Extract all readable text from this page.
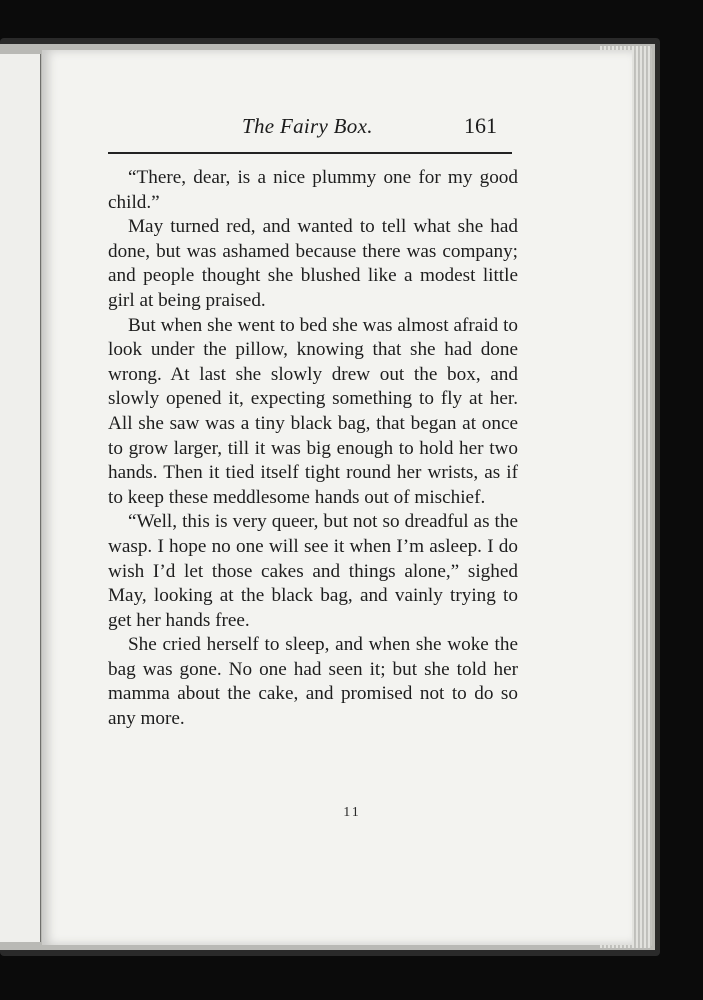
The Fairy Box.	161

“There, dear, is a nice plummy one for my good child.”

May turned red, and wanted to tell what she had done, but was ashamed because there was company; and people thought she blushed like a modest little girl at being praised.

But when she went to bed she was almost afraid to look under the pillow, knowing that she had done wrong. At last she slowly drew out the box, and slowly opened it, expecting something to fly at her. All she saw was a tiny black bag, that began at once to grow larger, till it was big enough to hold her two hands. Then it tied itself tight round her wrists, as if to keep these meddlesome hands out of mischief.

“Well, this is very queer, but not so dreadful as the wasp. I hope no one will see it when I’m asleep. I do wish I’d let those cakes and things alone,” sighed May, looking at the black bag, and vainly trying to get her hands free.

She cried herself to sleep, and when she woke the bag was gone. No one had seen it; but she told her mamma about the cake, and promised not to do so any more.

11
